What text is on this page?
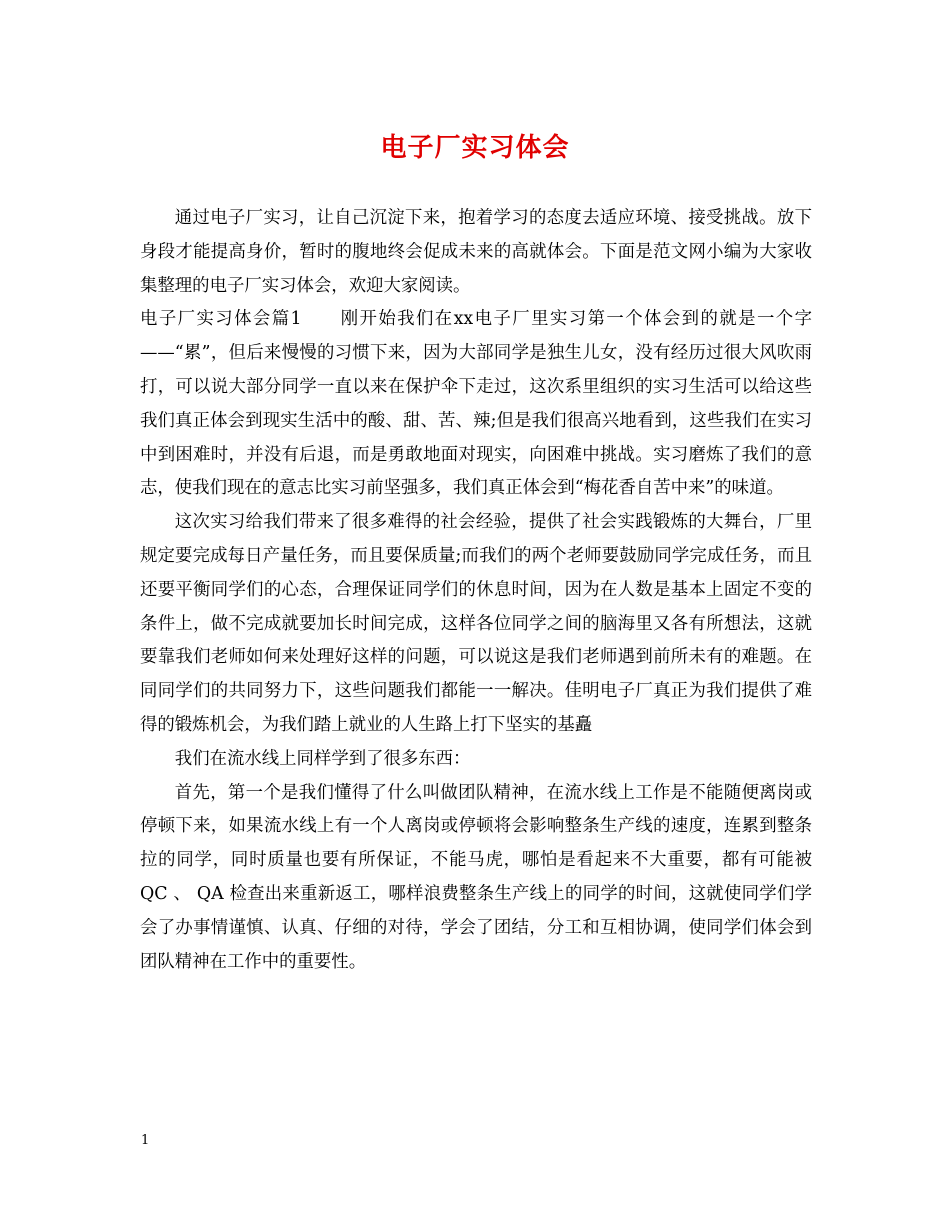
电子厂实习体会

通过电子厂实习，让自己沉淀下来，抱着学习的态度去适应环境、接受挑战。放下身段才能提高身价，暂时的腹地终会促成未来的高就体会。下面是范文网小编为大家收集整理的电子厂实习体会，欢迎大家阅读。

电子厂实习体会篇1　　刚开始我们在xx电子厂里实习第一个体会到的就是一个字——“累”，但后来慢慢的习惯下来，因为大部同学是独生儿女，没有经历过很大风吹雨打，可以说大部分同学一直以来在保护伞下走过，这次系里组织的实习生活可以给这些我们真正体会到现实生活中的酸、甜、苦、辣;但是我们很高兴地看到，这些我们在实习中到困难时，并没有后退，而是勇敢地面对现实，向困难中挑战。实习磨炼了我们的意志，使我们现在的意志比实习前坚强多，我们真正体会到“梅花香自苦中来”的味道。

这次实习给我们带来了很多难得的社会经验，提供了社会实践锻炼的大舞台，厂里规定要完成每日产量任务，而且要保质量;而我们的两个老师要鼓励同学完成任务，而且还要平衡同学们的心态，合理保证同学们的休息时间，因为在人数是基本上固定不变的条件上，做不完成就要加长时间完成，这样各位同学之间的脑海里又各有所想法，这就要靠我们老师如何来处理好这样的问题，可以说这是我们老师遇到前所未有的难题。在同同学们的共同努力下，这些问题我们都能一一解决。佳明电子厂真正为我们提供了难得的锻炼机会，为我们踏上就业的人生路上打下坚实的基矗

我们在流水线上同样学到了很多东西：

首先，第一个是我们懂得了什么叫做团队精神，在流水线上工作是不能随便离岗或停顿下来，如果流水线上有一个人离岗或停顿将会影响整条生产线的速度，连累到整条拉的同学，同时质量也要有所保证，不能马虎，哪怕是看起来不大重要，都有可能被 QC 、 QA 检查出来重新返工，哪样浪费整条生产线上的同学的时间，这就使同学们学会了办事情谨慎、认真、仔细的对待，学会了团结，分工和互相协调，使同学们体会到团队精神在工作中的重要性。

1
